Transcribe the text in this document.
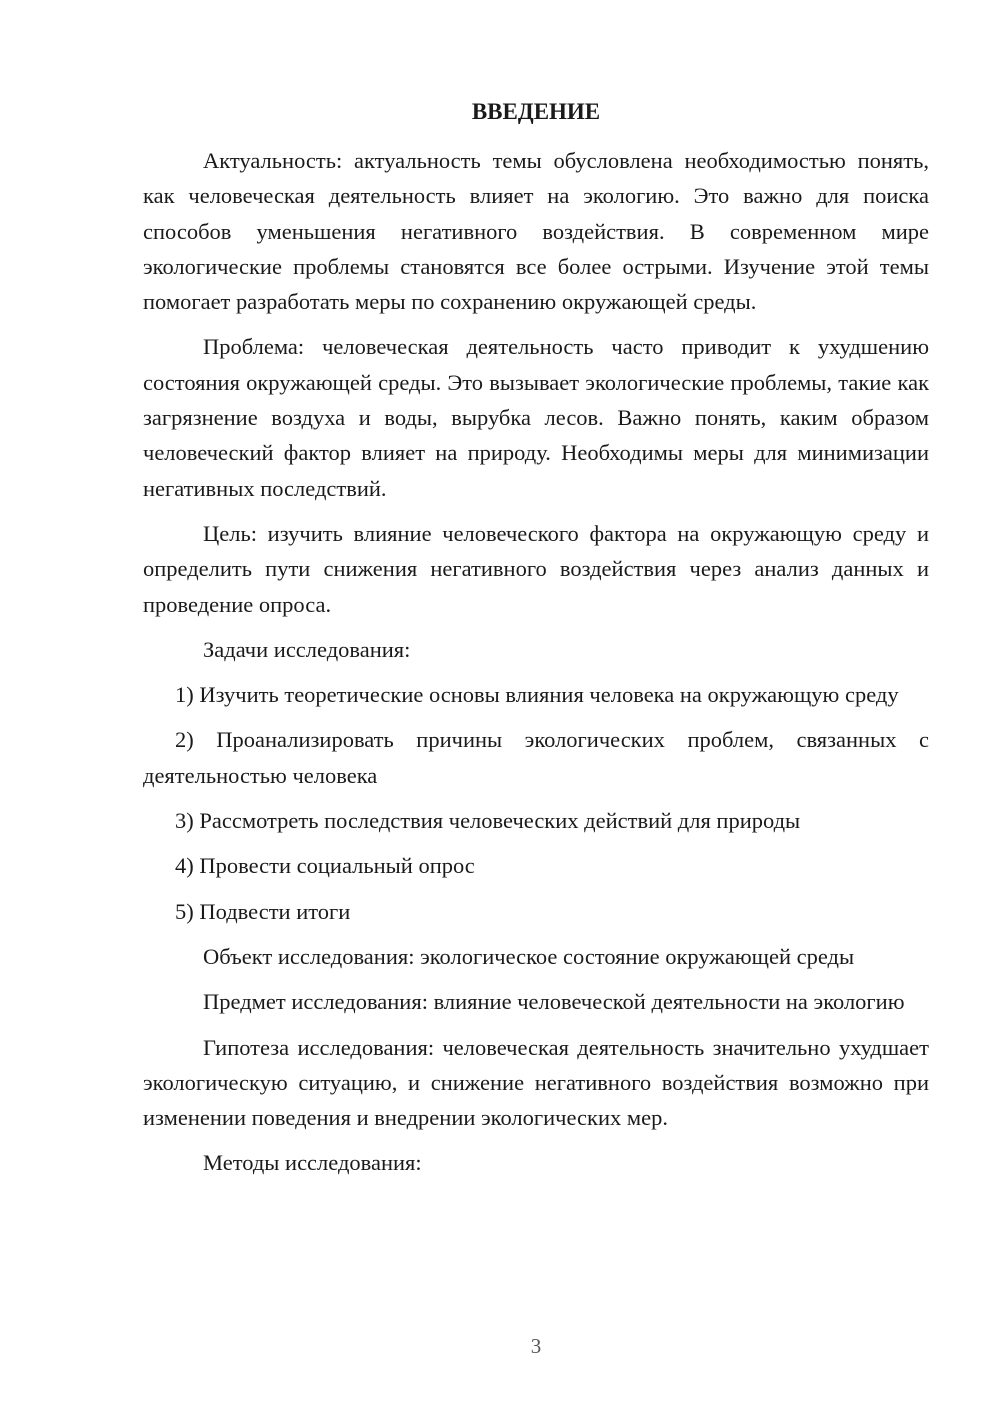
ВВЕДЕНИЕ

Актуальность: актуальность темы обусловлена необходимостью понять, как человеческая деятельность влияет на экологию. Это важно для поиска способов уменьшения негативного воздействия. В современном мире экологические проблемы становятся все более острыми. Изучение этой темы помогает разработать меры по сохранению окружающей среды.

Проблема: человеческая деятельность часто приводит к ухудшению состояния окружающей среды. Это вызывает экологические проблемы, такие как загрязнение воздуха и воды, вырубка лесов. Важно понять, каким образом человеческий фактор влияет на природу. Необходимы меры для минимизации негативных последствий.

Цель: изучить влияние человеческого фактора на окружающую среду и определить пути снижения негативного воздействия через анализ данных и проведение опроса.

Задачи исследования:

1) Изучить теоретические основы влияния человека на окружающую среду

2) Проанализировать причины экологических проблем, связанных с деятельностью человека

3) Рассмотреть последствия человеческих действий для природы

4) Провести социальный опрос

5) Подвести итоги

Объект исследования: экологическое состояние окружающей среды

Предмет исследования: влияние человеческой деятельности на экологию

Гипотеза исследования: человеческая деятельность значительно ухудшает экологическую ситуацию, и снижение негативного воздействия возможно при изменении поведения и внедрении экологических мер.

Методы исследования:

3
